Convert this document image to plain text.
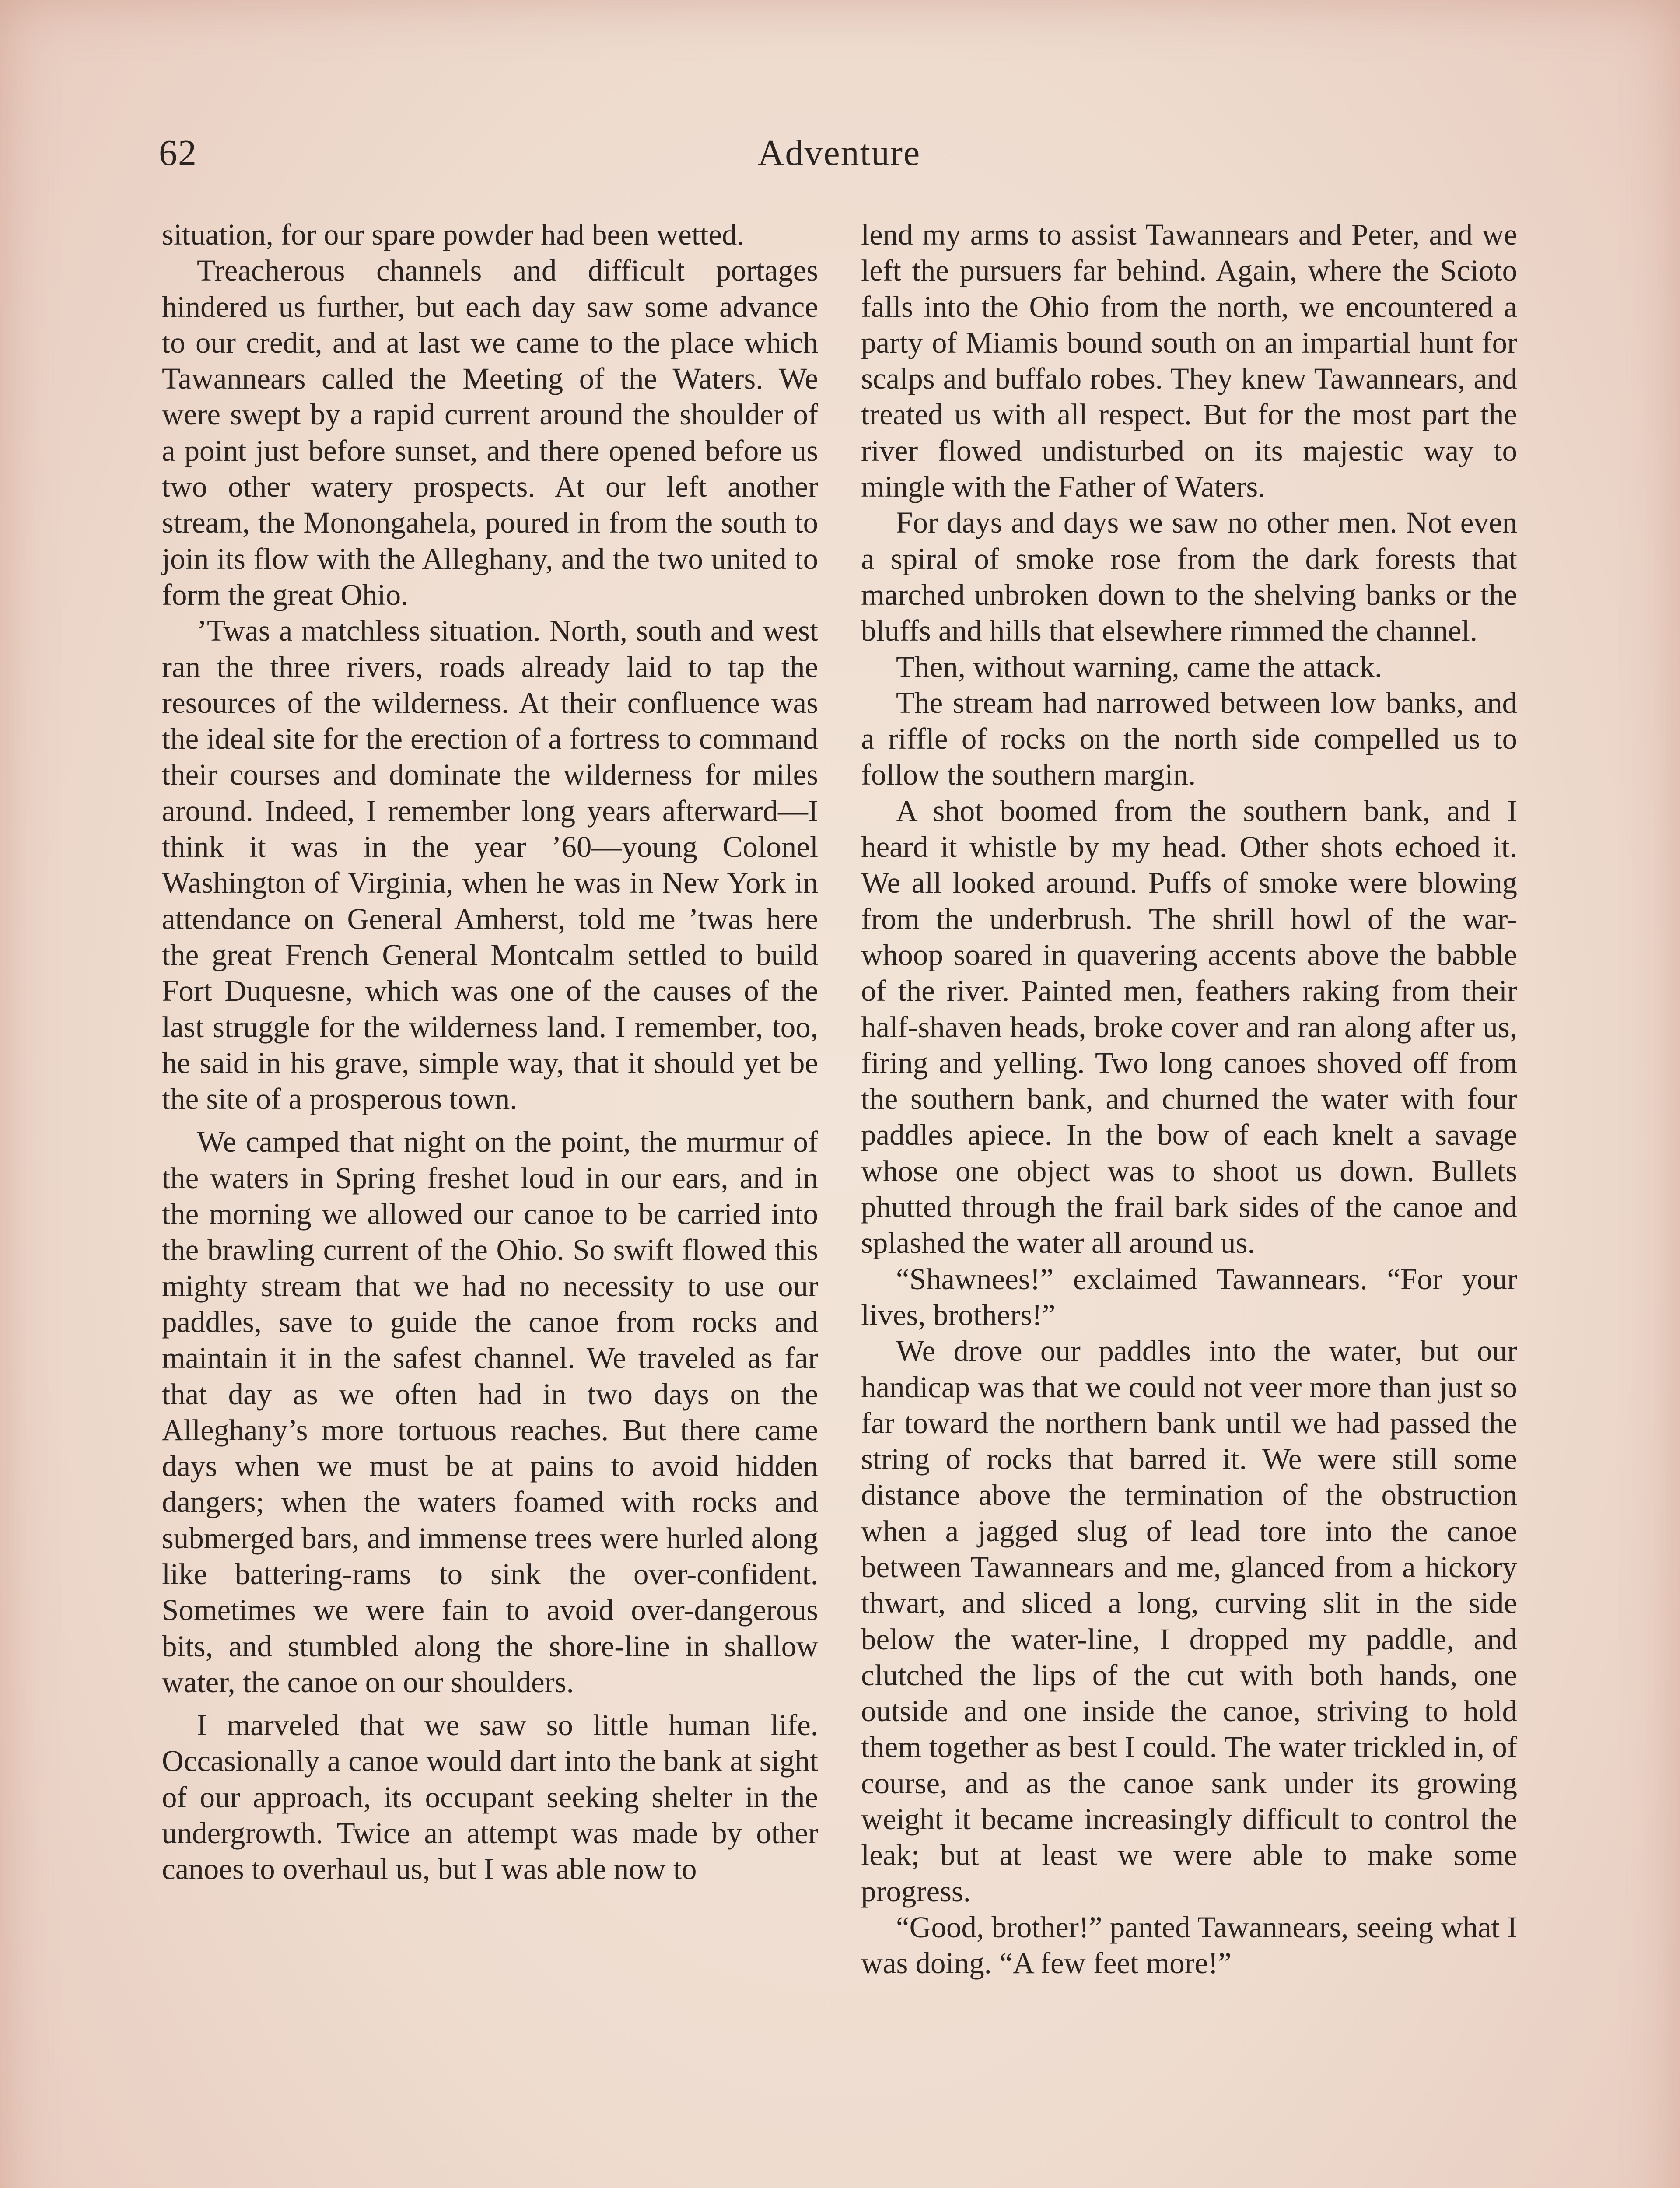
62	Adventure

situation, for our spare powder had been wetted.

Treacherous channels and difficult portages hindered us further, but each day saw some advance to our credit, and at last we came to the place which Tawannears called the Meeting of the Waters. We were swept by a rapid current around the shoulder of a point just before sunset, and there opened before us two other watery prospects. At our left another stream, the Monongahela, poured in from the south to join its flow with the Alleghany, and the two united to form the great Ohio.

’Twas a matchless situation. North, south and west ran the three rivers, roads already laid to tap the resources of the wilderness. At their confluence was the ideal site for the erection of a fortress to command their courses and dominate the wilderness for miles around. Indeed, I remember long years afterward—I think it was in the year ’60—young Colonel Washington of Virginia, when he was in New York in attendance on General Amherst, told me ’twas here the great French General Montcalm settled to build Fort Duquesne, which was one of the causes of the last struggle for the wilderness land. I remember, too, he said in his grave, simple way, that it should yet be the site of a prosperous town.

We camped that night on the point, the murmur of the waters in Spring freshet loud in our ears, and in the morning we allowed our canoe to be carried into the brawling current of the Ohio. So swift flowed this mighty stream that we had no necessity to use our paddles, save to guide the canoe from rocks and maintain it in the safest channel. We traveled as far that day as we often had in two days on the Alleghany’s more tortuous reaches. But there came days when we must be at pains to avoid hidden dangers; when the waters foamed with rocks and submerged bars, and immense trees were hurled along like battering-rams to sink the over-confident. Sometimes we were fain to avoid over-dangerous bits, and stumbled along the shore-line in shallow water, the canoe on our shoulders.

I marveled that we saw so little human life. Occasionally a canoe would dart into the bank at sight of our approach, its occupant seeking shelter in the undergrowth. Twice an attempt was made by other canoes to overhaul us, but I was able now to

lend my arms to assist Tawannears and Peter, and we left the pursuers far behind. Again, where the Scioto falls into the Ohio from the north, we encountered a party of Miamis bound south on an impartial hunt for scalps and buffalo robes. They knew Tawannears, and treated us with all respect. But for the most part the river flowed undisturbed on its majestic way to mingle with the Father of Waters.

For days and days we saw no other men. Not even a spiral of smoke rose from the dark forests that marched unbroken down to the shelving banks or the bluffs and hills that elsewhere rimmed the channel.

Then, without warning, came the attack.

The stream had narrowed between low banks, and a riffle of rocks on the north side compelled us to follow the southern margin.

A shot boomed from the southern bank, and I heard it whistle by my head. Other shots echoed it. We all looked around. Puffs of smoke were blowing from the underbrush. The shrill howl of the war-whoop soared in quavering accents above the babble of the river. Painted men, feathers raking from their half-shaven heads, broke cover and ran along after us, firing and yelling. Two long canoes shoved off from the southern bank, and churned the water with four paddles apiece. In the bow of each knelt a savage whose one object was to shoot us down. Bullets phutted through the frail bark sides of the canoe and splashed the water all around us.

“Shawnees!” exclaimed Tawannears. “For your lives, brothers!”

We drove our paddles into the water, but our handicap was that we could not veer more than just so far toward the northern bank until we had passed the string of rocks that barred it. We were still some distance above the termination of the obstruction when a jagged slug of lead tore into the canoe between Tawannears and me, glanced from a hickory thwart, and sliced a long, curving slit in the side below the water-line, I dropped my paddle, and clutched the lips of the cut with both hands, one outside and one inside the canoe, striving to hold them together as best I could. The water trickled in, of course, and as the canoe sank under its growing weight it became increasingly difficult to control the leak; but at least we were able to make some progress.

“Good, brother!” panted Tawannears, seeing what I was doing. “A few feet more!”
